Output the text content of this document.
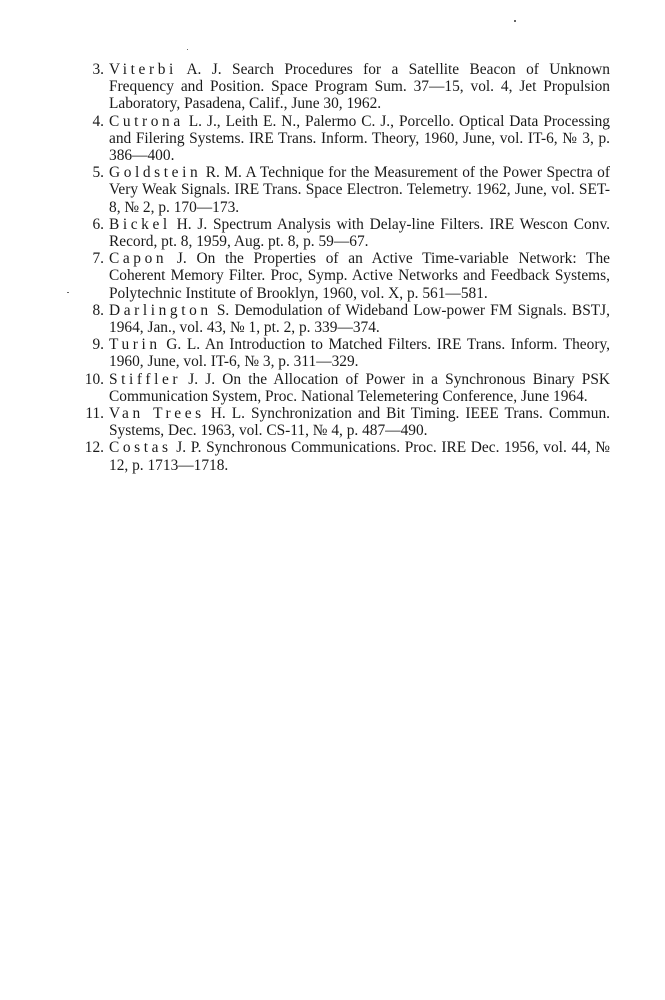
3. Viterbi A. J. Search Procedures for a Satellite Beacon of Unknown Frequency and Position. Space Program Sum. 37—15, vol. 4, Jet Propulsion Laboratory, Pasadena, Calif., June 30, 1962.
4. Cutrona L. J., Leith E. N., Palermo C. J., Porcello. Optical Data Processing and Filering Systems. IRE Trans. Inform. Theory, 1960, June, vol. IT-6, № 3, p. 386—400.
5. Goldstein R. M. A Technique for the Measurement of the Power Spectra of Very Weak Signals. IRE Trans. Space Electron. Telemetry. 1962, June, vol. SET-8, № 2, p. 170—173.
6. Bickel H. J. Spectrum Analysis with Delay-line Filters. IRE Wescon Conv. Record, pt. 8, 1959, Aug. pt. 8, p. 59—67.
7. Capon J. On the Properties of an Active Time-variable Network: The Coherent Memory Filter. Proc, Symp. Active Networks and Feedback Systems, Polytechnic Institute of Brooklyn, 1960, vol. X, p. 561—581.
8. Darlington S. Demodulation of Wideband Low-power FM Signals. BSTJ, 1964, Jan., vol. 43, № 1, pt. 2, p. 339—374.
9. Turin G. L. An Introduction to Matched Filters. IRE Trans. Inform. Theory, 1960, June, vol. IT-6, № 3, p. 311—329.
10. Stiffler J. J. On the Allocation of Power in a Synchronous Binary PSK Communication System, Proc. National Telemetering Conference, June 1964.
11. Van Trees H. L. Synchronization and Bit Timing. IEEE Trans. Commun. Systems, Dec. 1963, vol. CS-11, № 4, p. 487—490.
12. Costas J. P. Synchronous Communications. Proc. IRE Dec. 1956, vol. 44, № 12, p. 1713—1718.
